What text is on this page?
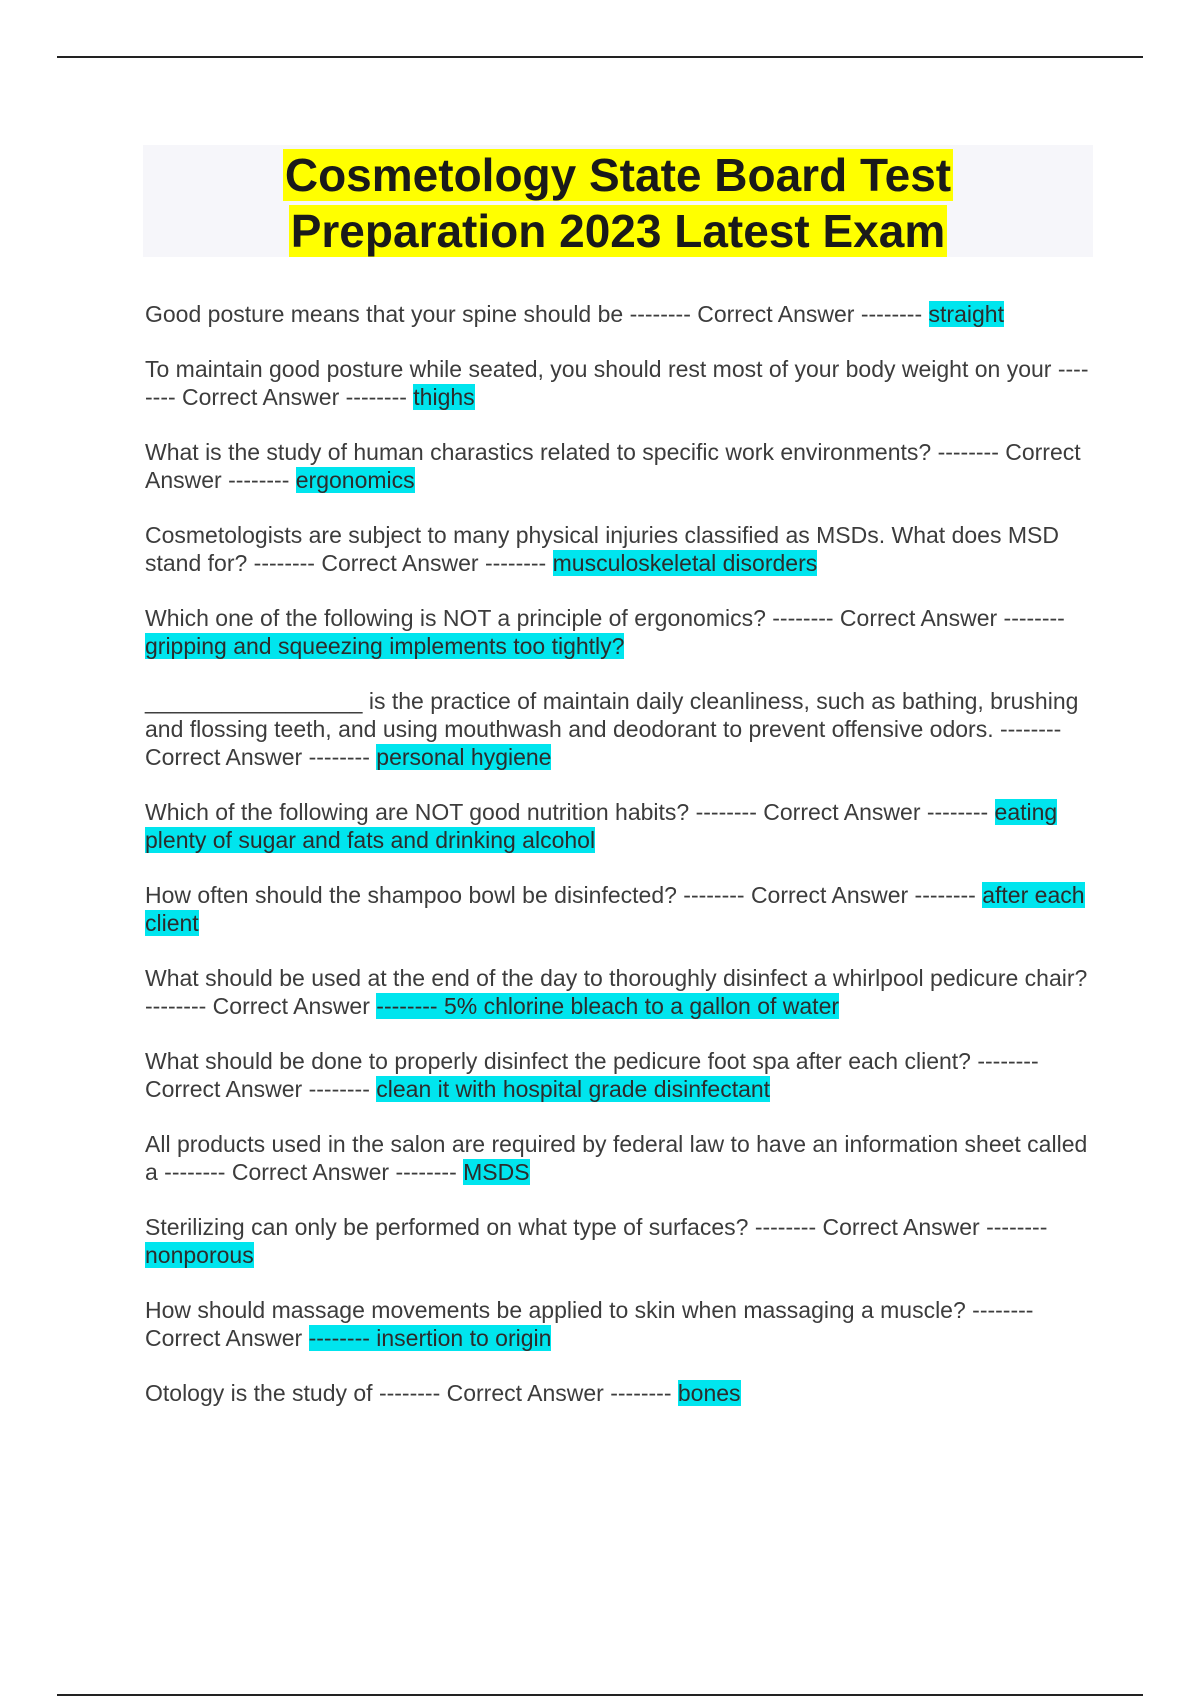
Cosmetology State Board Test
Preparation 2023 Latest Exam

Good posture means that your spine should be -------- Correct Answer -------- straight

To maintain good posture while seated, you should rest most of your body weight on your -------- Correct Answer -------- thighs

What is the study of human charastics related to specific work environments? -------- Correct Answer -------- ergonomics

Cosmetologists are subject to many physical injuries classified as MSDs. What does MSD stand for? -------- Correct Answer -------- musculoskeletal disorders

Which one of the following is NOT a principle of ergonomics? -------- Correct Answer -------- gripping and squeezing implements too tightly?

_________________ is the practice of maintain daily cleanliness, such as bathing, brushing and flossing teeth, and using mouthwash and deodorant to prevent offensive odors. -------- Correct Answer -------- personal hygiene

Which of the following are NOT good nutrition habits? -------- Correct Answer -------- eating plenty of sugar and fats and drinking alcohol

How often should the shampoo bowl be disinfected? -------- Correct Answer -------- after each client

What should be used at the end of the day to thoroughly disinfect a whirlpool pedicure chair? -------- Correct Answer -------- 5% chlorine bleach to a gallon of water

What should be done to properly disinfect the pedicure foot spa after each client? -------- Correct Answer -------- clean it with hospital grade disinfectant

All products used in the salon are required by federal law to have an information sheet called a -------- Correct Answer -------- MSDS

Sterilizing can only be performed on what type of surfaces? -------- Correct Answer -------- nonporous

How should massage movements be applied to skin when massaging a muscle? -------- Correct Answer -------- insertion to origin

Otology is the study of -------- Correct Answer -------- bones
